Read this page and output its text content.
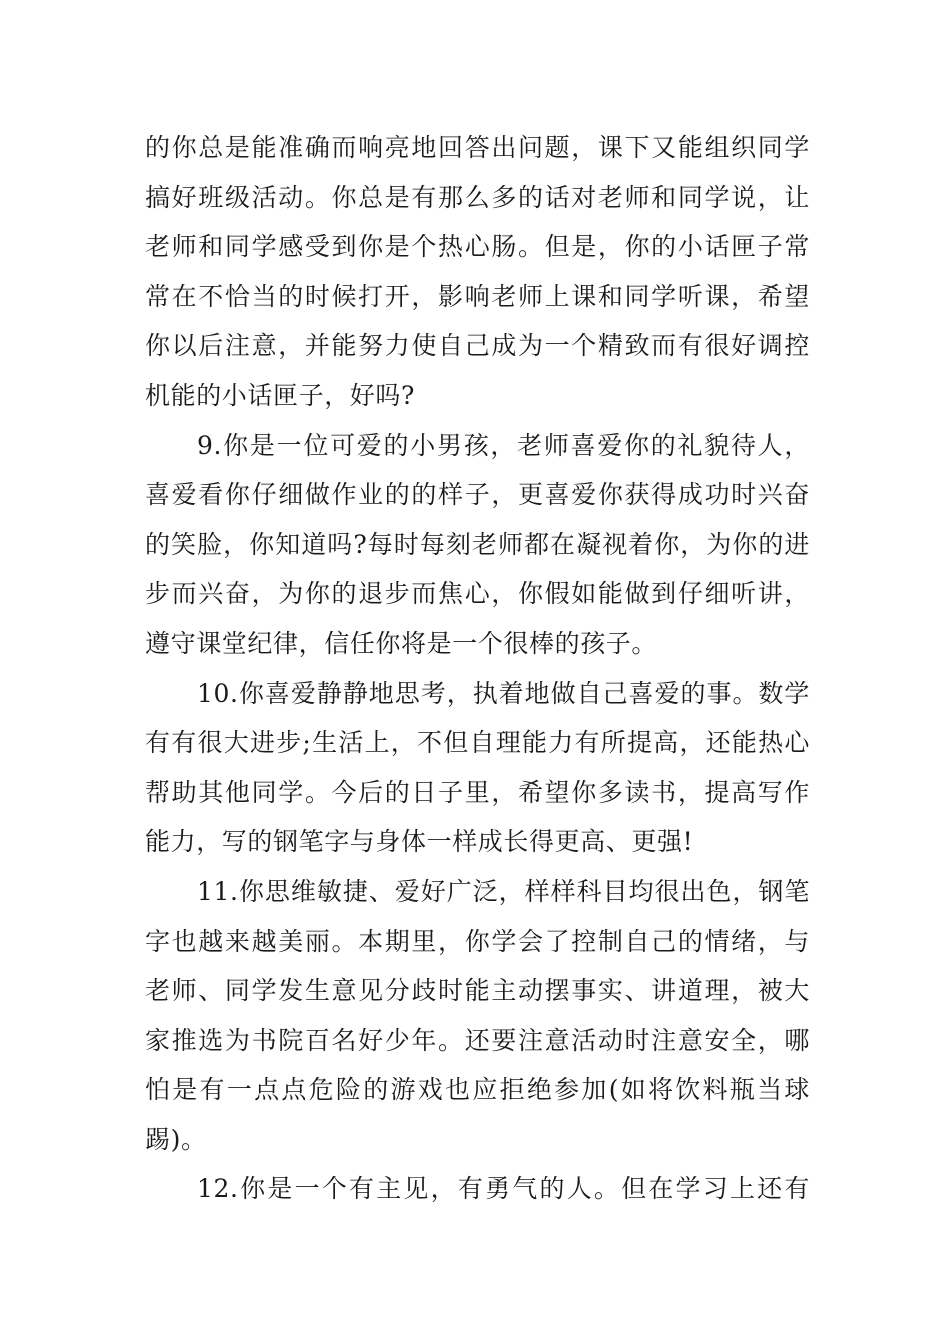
的你总是能准确而响亮地回答出问题，课下又能组织同学
搞好班级活动。你总是有那么多的话对老师和同学说，让
老师和同学感受到你是个热心肠。但是，你的小话匣子常
常在不恰当的时候打开，影响老师上课和同学听课，希望
你以后注意，并能努力使自己成为一个精致而有很好调控
机能的小话匣子，好吗?
9.你是一位可爱的小男孩，老师喜爱你的礼貌待人，
喜爱看你仔细做作业的的样子，更喜爱你获得成功时兴奋
的笑脸，你知道吗?每时每刻老师都在凝视着你，为你的进
步而兴奋，为你的退步而焦心，你假如能做到仔细听讲，
遵守课堂纪律，信任你将是一个很棒的孩子。
10.你喜爱静静地思考，执着地做自己喜爱的事。数学
有有很大进步;生活上，不但自理能力有所提高，还能热心
帮助其他同学。今后的日子里，希望你多读书，提高写作
能力，写的钢笔字与身体一样成长得更高、更强!
11.你思维敏捷、爱好广泛，样样科目均很出色，钢笔
字也越来越美丽。本期里，你学会了控制自己的情绪，与
老师、同学发生意见分歧时能主动摆事实、讲道理，被大
家推选为书院百名好少年。还要注意活动时注意安全，哪
怕是有一点点危险的游戏也应拒绝参加(如将饮料瓶当球
踢)。
12.你是一个有主见，有勇气的人。但在学习上还有
